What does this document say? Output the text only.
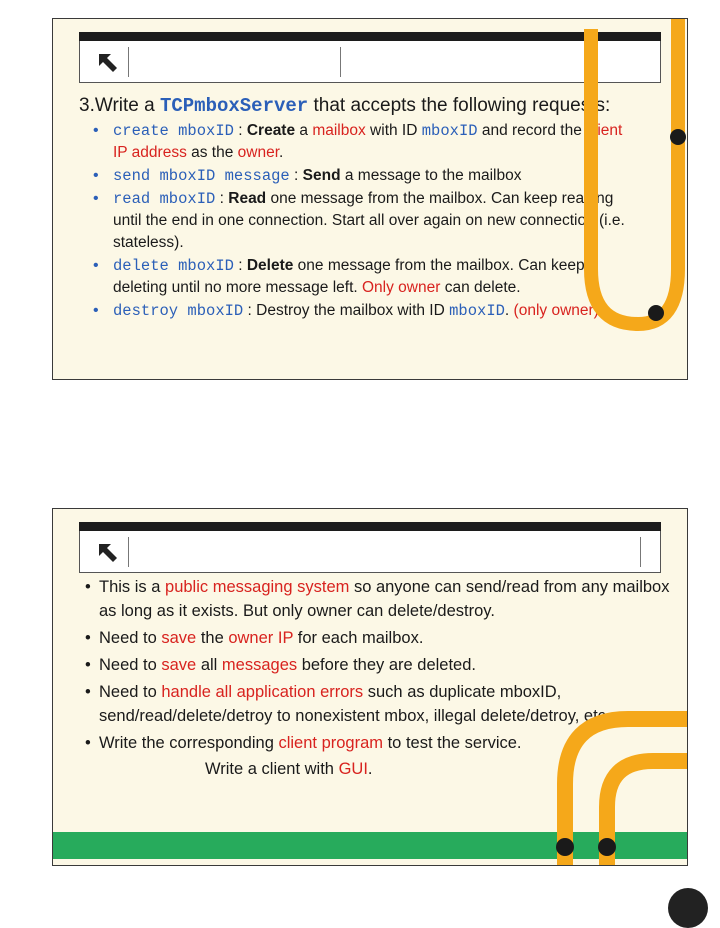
3.Write a TCPmboxServer that accepts the following requests:
• create mboxID : Create a mailbox with ID mboxID and record the client IP address as the owner.
• send mboxID message : Send a message to the mailbox
• read mboxID : Read one message from the mailbox. Can keep reading until the end in one connection. Start all over again on new connection (i.e. stateless).
• delete mboxID : Delete one message from the mailbox. Can keep deleting until no more message left. Only owner can delete.
• destroy mboxID : Destroy the mailbox with ID mboxID. (only owner)
• This is a public messaging system so anyone can send/read from any mailbox as long as it exists. But only owner can delete/destroy.
• Need to save the owner IP for each mailbox.
• Need to save all messages before they are deleted.
• Need to handle all application errors such as duplicate mboxID, send/read/delete/detroy to nonexistent mbox, illegal delete/detroy, etc.
• Write the corresponding client program to test the service.
Write a client with GUI.
